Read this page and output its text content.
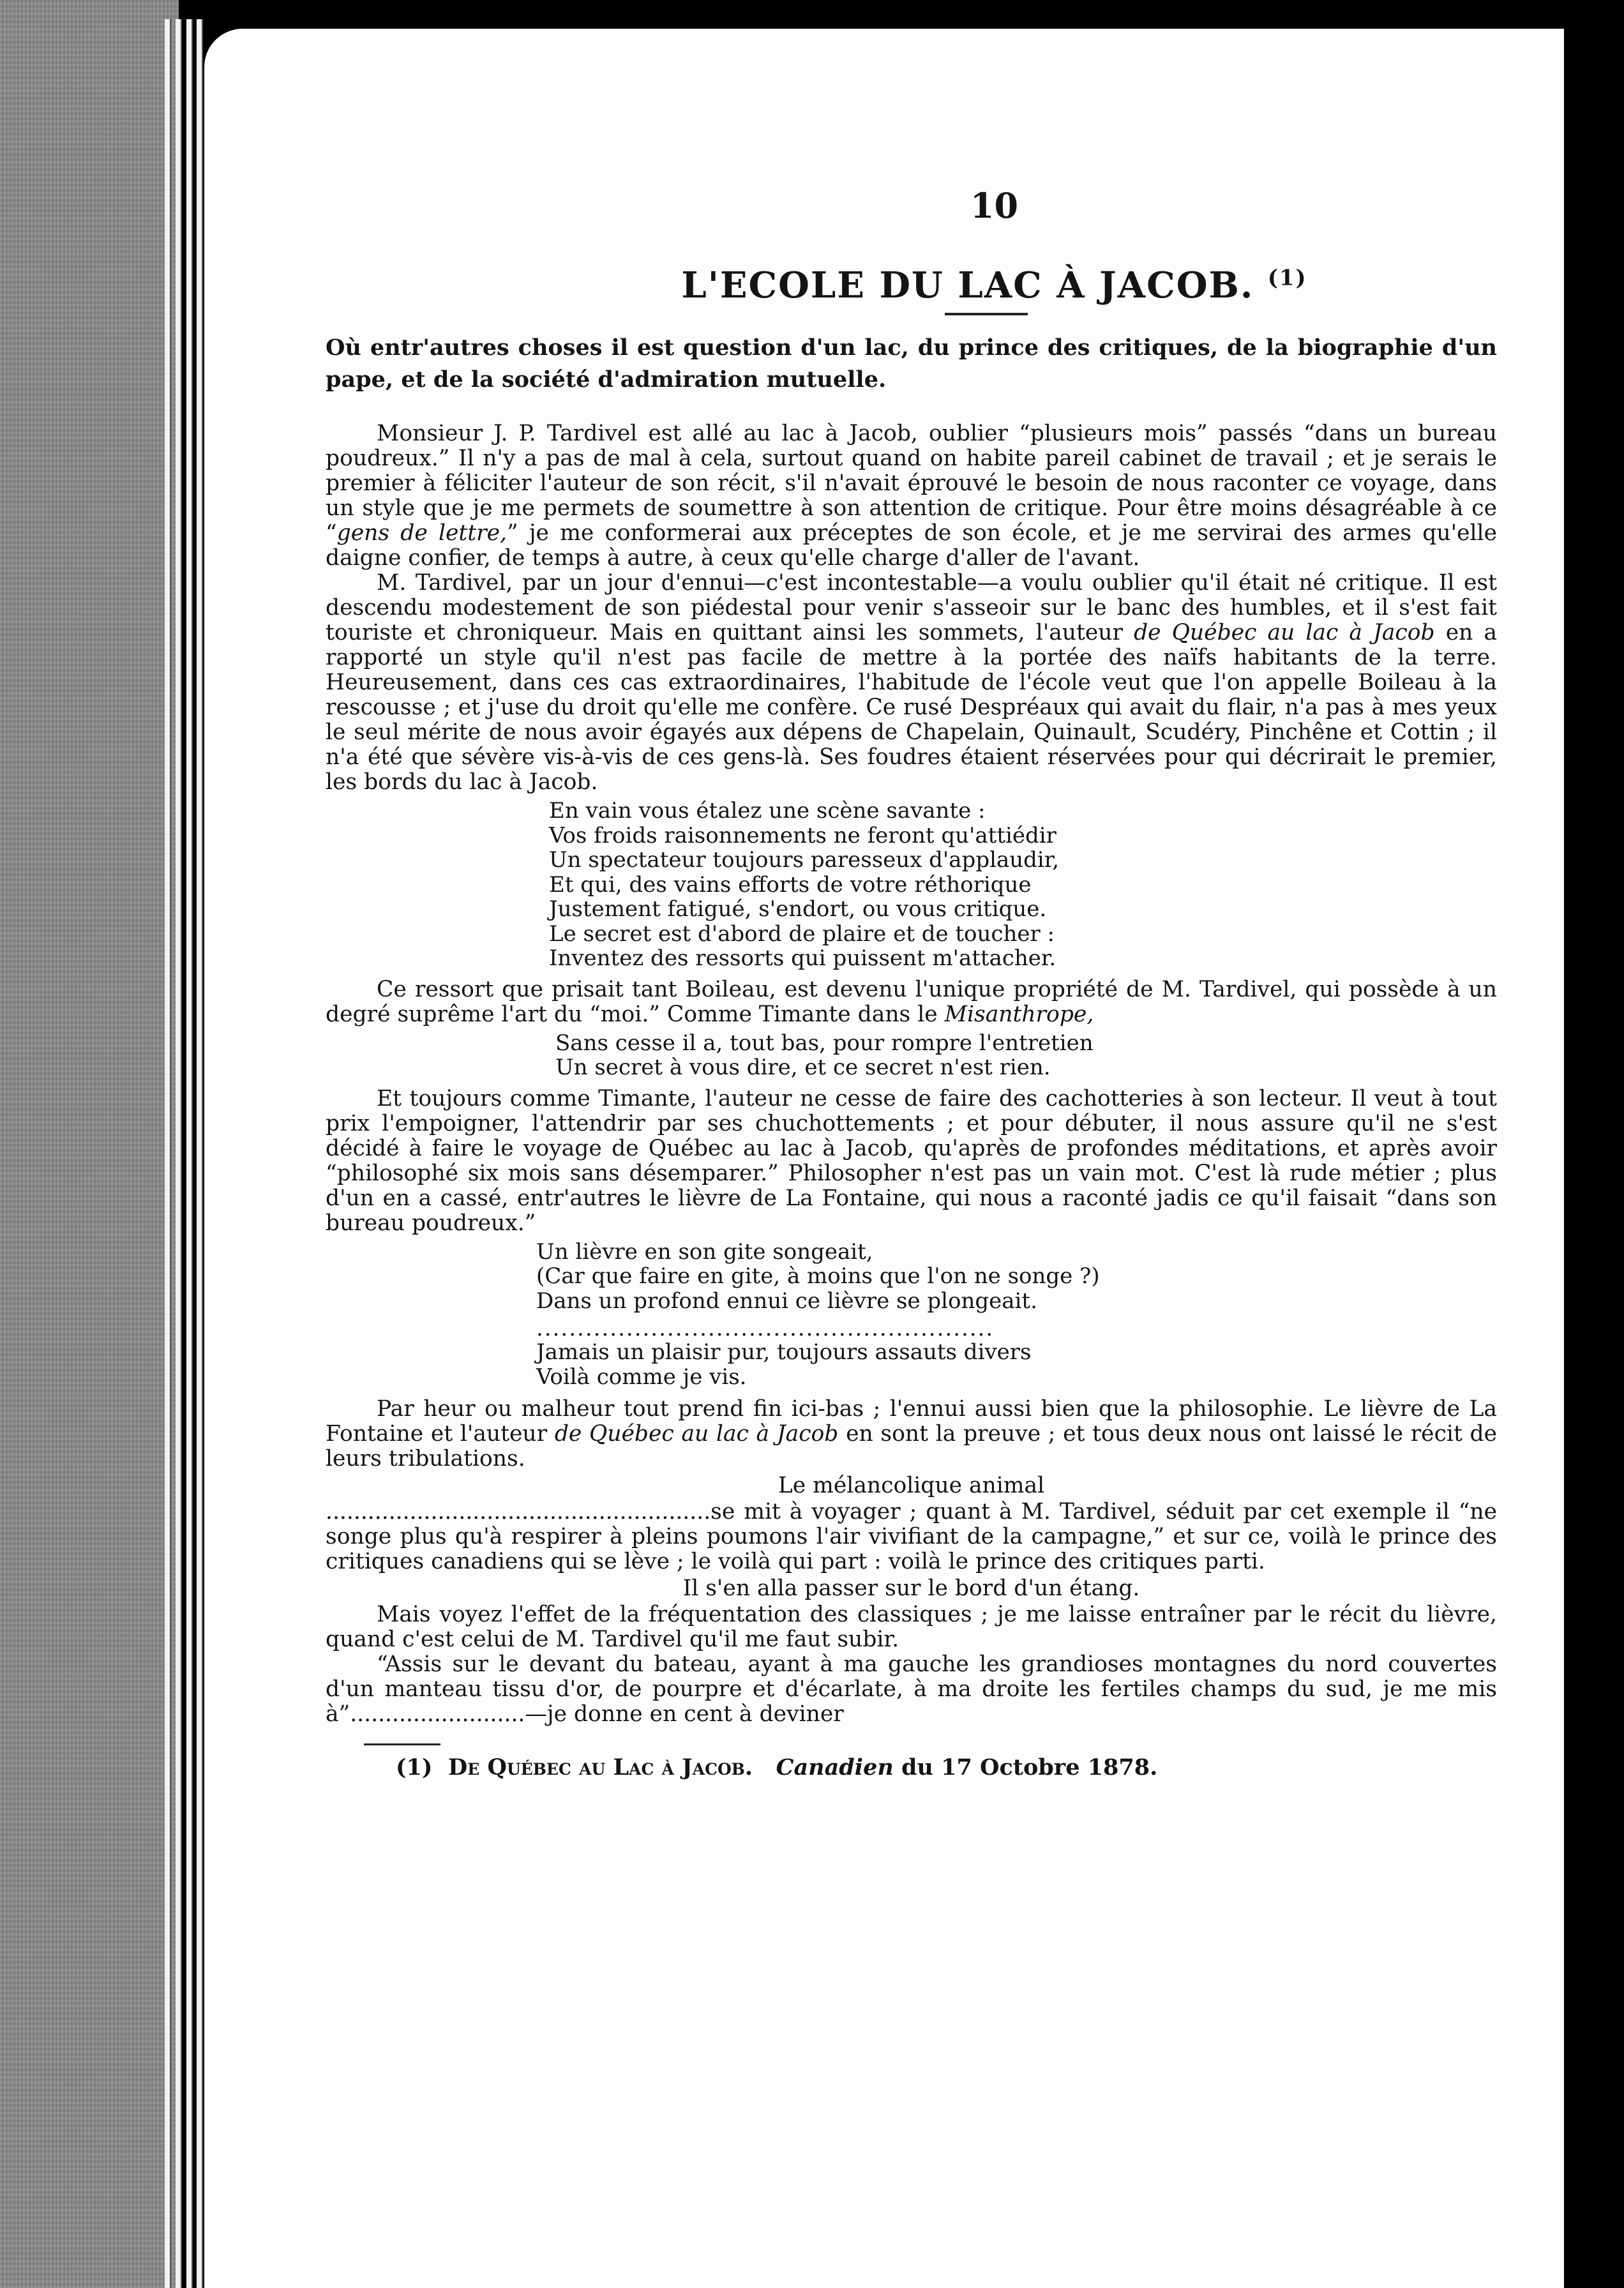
10
L'ECOLE DU LAC À JACOB. $^{(1)}$
Où entr'autres choses il est question d'un lac, du prince des critiques, de la biographie d'un pape, et de la société d'admiration mutuelle.

Monsieur J. P. Tardivel est allé au lac à Jacob, oublier “plusieurs mois” passés “dans un bureau poudreux.” Il n'y a pas de mal à cela, surtout quand on habite pareil cabinet de travail ; et je serais le premier à féliciter l'auteur de son récit, s'il n'avait éprouvé le besoin de nous raconter ce voyage, dans un style que je me permets de soumettre à son attention de critique. Pour être moins désagréable à ce “gens de lettre,” je me conformerai aux préceptes de son école, et je me servirai des armes qu'elle daigne confier, de temps à autre, à ceux qu'elle charge d'aller de l'avant.

M. Tardivel, par un jour d'ennui—c'est incontestable—a voulu oublier qu'il était né critique. Il est descendu modestement de son piédestal pour venir s'asseoir sur le banc des humbles, et il s'est fait touriste et chroniqueur. Mais en quittant ainsi les sommets, l'auteur de Québec au lac à Jacob en a rapporté un style qu'il n'est pas facile de mettre à la portée des naïfs habitants de la terre. Heureusement, dans ces cas extraordinaires, l'habitude de l'école veut que l'on appelle Boileau à la rescousse ; et j'use du droit qu'elle me confère. Ce rusé Despréaux qui avait du flair, n'a pas à mes yeux le seul mérite de nous avoir égayés aux dépens de Chapelain, Quinault, Scudéry, Pinchêne et Cottin ; il n'a été que sévère vis-à-vis de ces gens-là. Ses foudres étaient réservées pour qui décrirait le premier, les bords du lac à Jacob.

En vain vous étalez une scène savante :
Vos froids raisonnements ne feront qu'attiédir
Un spectateur toujours paresseux d'applaudir,
Et qui, des vains efforts de votre réthorique
Justement fatigué, s'endort, ou vous critique.
Le secret est d'abord de plaire et de toucher :
Inventez des ressorts qui puissent m'attacher.

Ce ressort que prisait tant Boileau, est devenu l'unique propriété de M. Tardivel, qui possède à un degré suprême l'art du “moi.” Comme Timante dans le Misanthrope,

Sans cesse il a, tout bas, pour rompre l'entretien
Un secret à vous dire, et ce secret n'est rien.

Et toujours comme Timante, l'auteur ne cesse de faire des cachotteries à son lecteur. Il veut à tout prix l'empoigner, l'attendrir par ses chuchottements ; et pour débuter, il nous assure qu'il ne s'est décidé à faire le voyage de Québec au lac à Jacob, qu'après de profondes méditations, et après avoir “philosophé six mois sans désemparer.” Philosopher n'est pas un vain mot. C'est là rude métier ; plus d'un en a cassé, entr'autres le lièvre de La Fontaine, qui nous a raconté jadis ce qu'il faisait “dans son bureau poudreux.”

Un lièvre en son gite songeait,
(Car que faire en gite, à moins que l'on ne songe ?)
Dans un profond ennui ce lièvre se plongeait.
........................................................
Jamais un plaisir pur, toujours assauts divers
Voilà comme je vis.

Par heur ou malheur tout prend fin ici-bas ; l'ennui aussi bien que la philosophie. Le lièvre de La Fontaine et l'auteur de Québec au lac à Jacob en sont la preuve ; et tous deux nous ont laissé le récit de leurs tribulations.

Le mélancolique animal

.......................................................se mit à voyager ; quant à M. Tardivel, séduit par cet exemple il “ne songe plus qu'à respirer à pleins poumons l'air vivifiant de la campagne,” et sur ce, voilà le prince des critiques canadiens qui se lève ; le voilà qui part : voilà le prince des critiques parti.

Il s'en alla passer sur le bord d'un étang.

Mais voyez l'effet de la fréquentation des classiques ; je me laisse entraîner par le récit du lièvre, quand c'est celui de M. Tardivel qu'il me faut subir.

“Assis sur le devant du bateau, ayant à ma gauche les grandioses montagnes du nord couvertes d'un manteau tissu d'or, de pourpre et d'écarlate, à ma droite les fertiles champs du sud, je me mis à”.........................—je donne en cent à deviner

(1) De Québec au Lac à Jacob. Canadien du 17 Octobre 1878.
